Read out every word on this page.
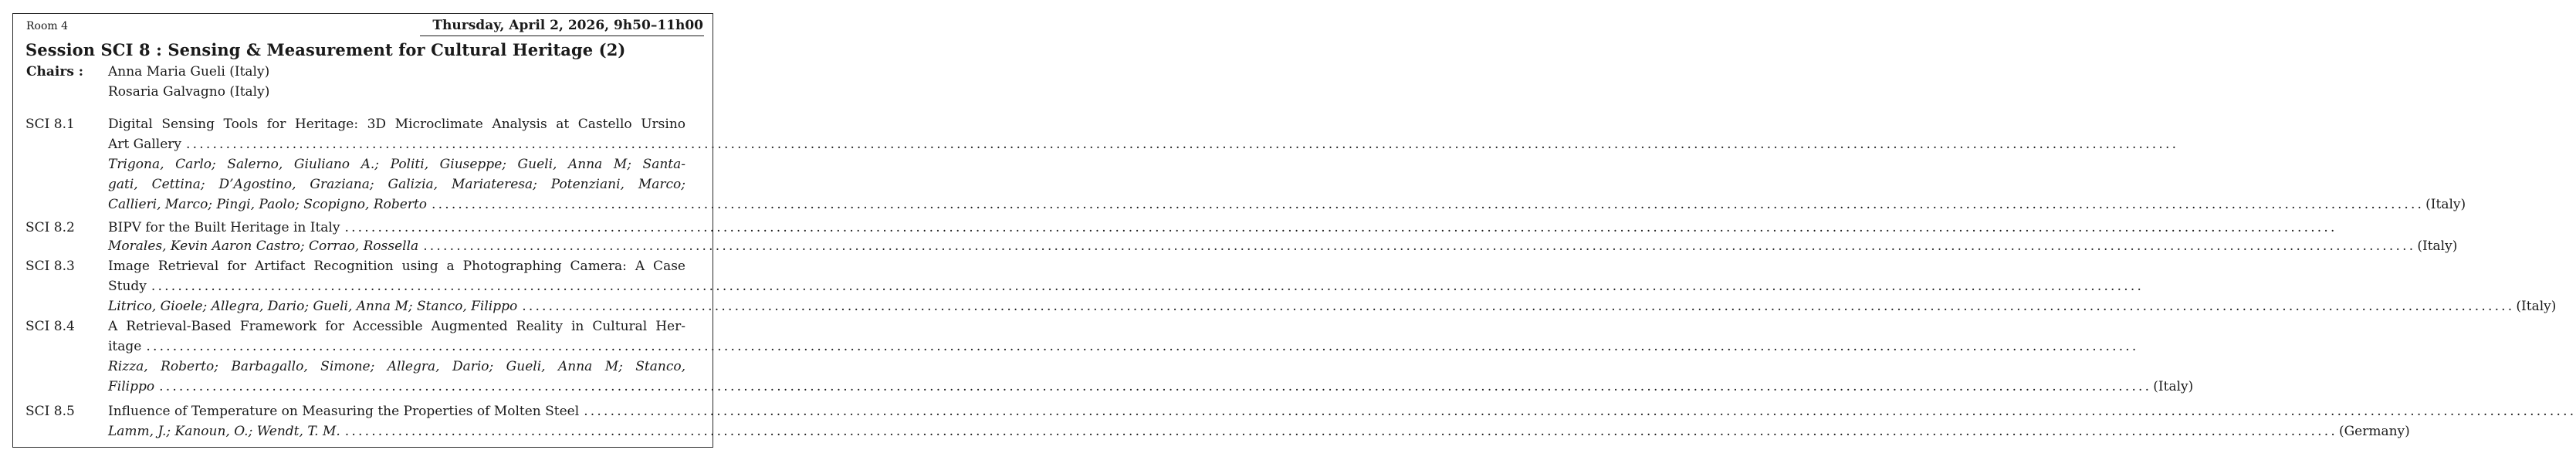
Room 4	Thursday, April 2, 2026, 9h50–11h00
Session SCI 8 : Sensing & Measurement for Cultural Heritage (2)
Chairs : Anna Maria Gueli (Italy)
Rosaria Galvagno (Italy)
SCI 8.1	Digital Sensing Tools for Heritage: 3D Microclimate Analysis at Castello Ursino
Art Gallery ............................................................................................................................................................................................................................................................................................................
Trigona, Carlo; Salerno, Giuliano A.; Politi, Giuseppe; Gueli, Anna M; Santa-
gati, Cettina; D’Agostino, Graziana; Galizia, Mariateresa; Potenziani, Marco;
Callieri, Marco; Pingi, Paolo; Scopigno, Roberto ............................................................................................................................................................................................................................................................................................................ (Italy)
SCI 8.2	BIPV for the Built Heritage in Italy ............................................................................................................................................................................................................................................................................................................
Morales, Kevin Aaron Castro; Corrao, Rossella ............................................................................................................................................................................................................................................................................................................ (Italy)
SCI 8.3	Image Retrieval for Artifact Recognition using a Photographing Camera: A Case
Study ............................................................................................................................................................................................................................................................................................................
Litrico, Gioele; Allegra, Dario; Gueli, Anna M; Stanco, Filippo ............................................................................................................................................................................................................................................................................................................ (Italy)
SCI 8.4	A Retrieval-Based Framework for Accessible Augmented Reality in Cultural Her-
itage ............................................................................................................................................................................................................................................................................................................
Rizza, Roberto; Barbagallo, Simone; Allegra, Dario; Gueli, Anna M; Stanco,
Filippo ............................................................................................................................................................................................................................................................................................................ (Italy)
SCI 8.5	Influence of Temperature on Measuring the Properties of Molten Steel ............................................................................................................................................................................................................................................................................................................
Lamm, J.; Kanoun, O.; Wendt, T. M. ............................................................................................................................................................................................................................................................................................................ (Germany)
